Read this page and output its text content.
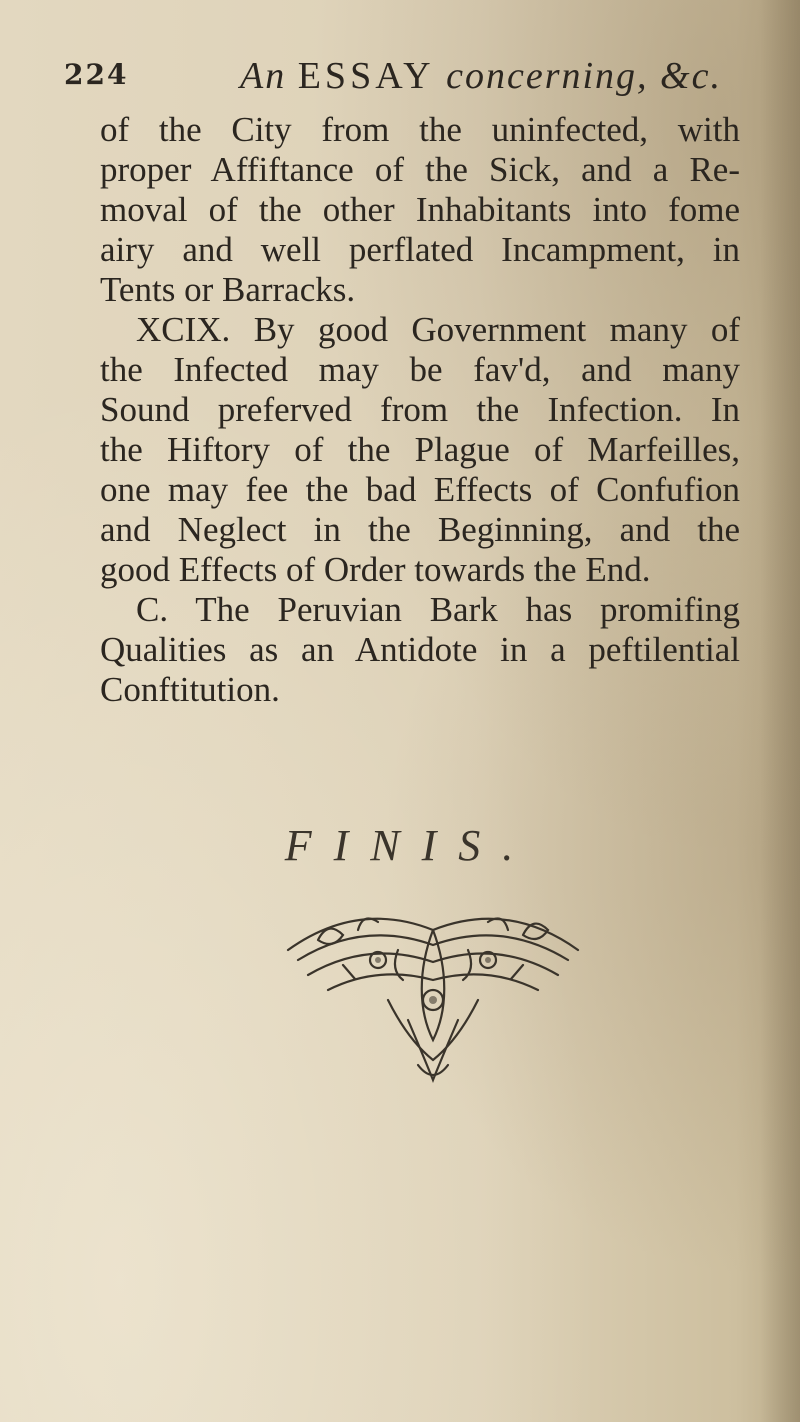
224	An ESSAY concerning, &c.
of the City from the uninfected, with
proper Affiftance of the Sick, and a Re-
moval of the other Inhabitants into fome
airy and well perflated Incampment, in
Tents or Barracks.
XCIX. By good Government many of
the Infected may be fav'd, and many
Sound preferved from the Infection. In
the Hiftory of the Plague of Marfeilles,
one may fee the bad Effects of Confufion
and Neglect in the Beginning, and the
good Effects of Order towards the End.
C. The Peruvian Bark has promifing
Qualities as an Antidote in a peftilential
Conftitution.
FINIS.
